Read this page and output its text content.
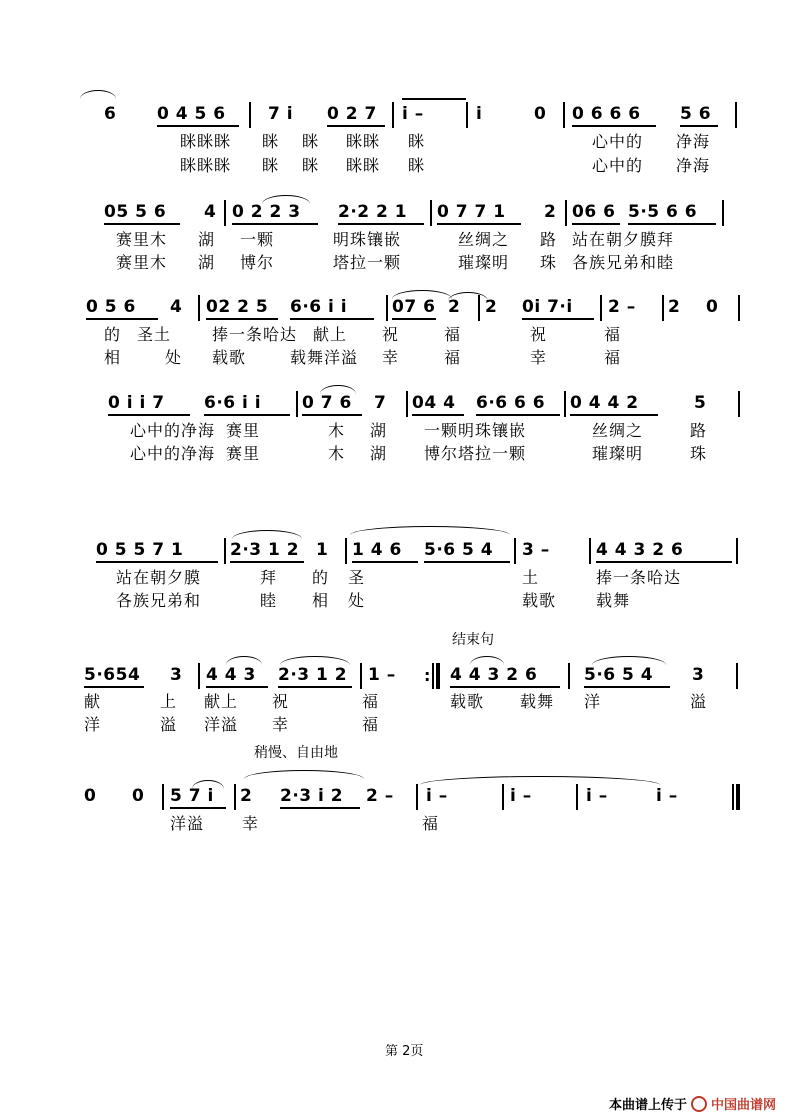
6 0 4 5 6 7 i 0 2 7 i –	i	0 0 6 6 6 5 6
眯眯眯 眯 眯 眯眯 眯	心中的 净海
眯眯眯 眯 眯 眯眯 眯	心中的 净海
05 5 6 4 0 2 2 3 2·2 2 1 0 7 7 1 2 06 6 5·5 6 6
赛里木 湖 一颗	明珠镶嵌	丝绸之 路 站在朝夕膜拜
赛里木 湖 博尔	塔拉一颗	璀璨明 珠 各族兄弟和睦
0 5 6 4 02 2 5 6·6 i i	07 6 2 2 0i 7·i 2 – 2 0
的 圣土	捧一条哈达 献上 祝	福	祝	福
相	处 载歌	载舞洋溢 幸	福	幸	福
0 i i 7 6·6 i i 0 7 6 7 04 4 6·6 6 6 0 4 4 2	5
心中的净海 赛里	木 湖 一颗明珠镶嵌	丝绸之	路
心中的净海 赛里	木 湖 博尔塔拉一颗	璀璨明	珠
0 5 5 7 1	2·3 1 2 1 1 4 6 5·6 5 4 3 –	4 4 3 2 6
站在朝夕膜	拜 的 圣	土	捧一条哈达
各族兄弟和	睦 相 处	载歌 载舞
结束句
5·654 3 4 4 3 2·3 1 2 1 – : 4 4 3 2 6	5·6 5 4 3
献	上 献上 祝	福	载歌 载舞 洋	溢
洋	溢 洋溢 幸	福
稍慢、自由地
0 0 5 7 i 2 2·3 i 2 2 – i –	i –	i –	i –
洋溢 幸	福
第 2页
本曲谱上传于 中国曲谱网
